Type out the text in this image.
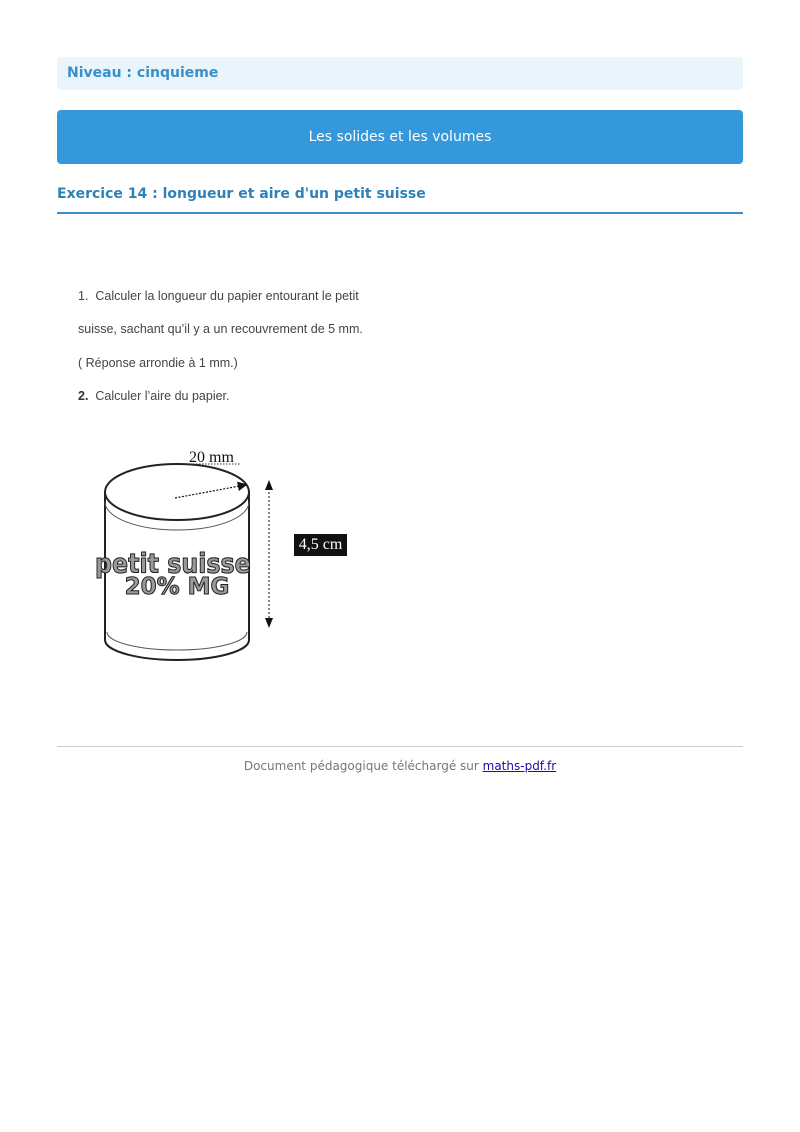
Niveau : cinquieme
Les solides et les volumes
Exercice 14 : longueur et aire d'un petit suisse
1. Calculer la longueur du papier entourant le petit
suisse, sachant qu’il y a un recouvrement de 5 mm.
( Réponse arrondie à 1 mm.)
2. Calculer l’aire du papier.
20 mm
petit suisse
20% MG
4,5 cm
Document pédagogique téléchargé sur maths-pdf.fr
